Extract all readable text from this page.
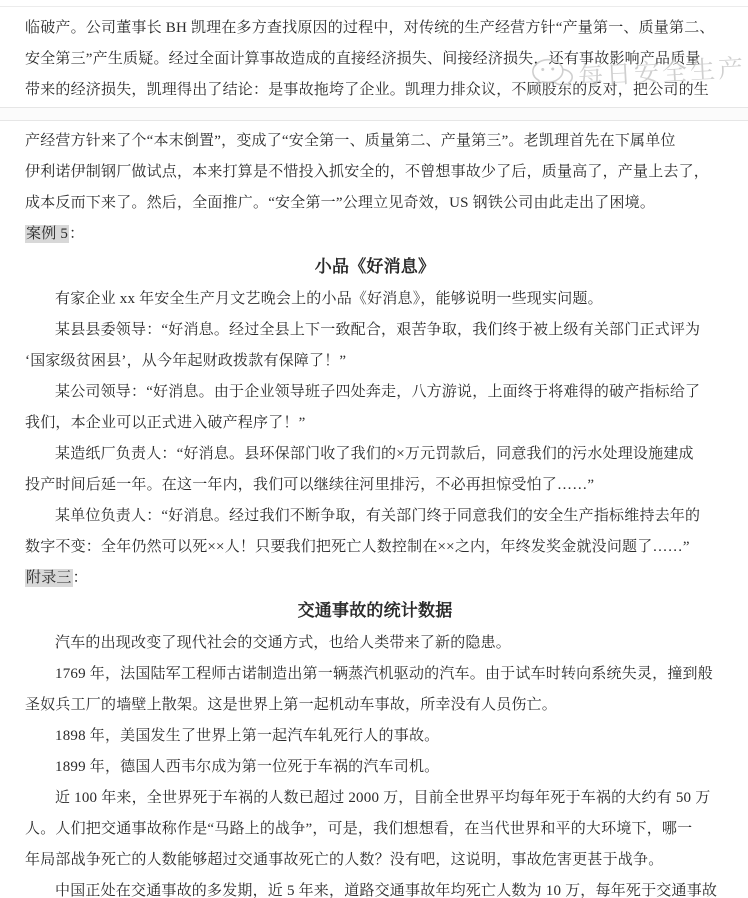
临破产。公司董事长 BH 凯理在多方查找原因的过程中，对传统的生产经营方针“产量第一、质量第二、
安全第三”产生质疑。经过全面计算事故造成的直接经济损失、间接经济损失，还有事故影响产品质量
带来的经济损失，凯理得出了结论：是事故拖垮了企业。凯理力排众议，不顾股东的反对，把公司的生
产经营方针来了个“本末倒置”，变成了“安全第一、质量第二、产量第三”。老凯理首先在下属单位
伊利诺伊制钢厂做试点，本来打算是不惜投入抓安全的，不曾想事故少了后，质量高了，产量上去了，
成本反而下来了。然后，全面推广。“安全第一”公理立见奇效，US 钢铁公司由此走出了困境。
案例 5：
小品《好消息》
有家企业 xx 年安全生产月文艺晚会上的小品《好消息》，能够说明一些现实问题。
某县县委领导：“好消息。经过全县上下一致配合，艰苦争取，我们终于被上级有关部门正式评为
‘国家级贫困县’，从今年起财政拨款有保障了！”
某公司领导：“好消息。由于企业领导班子四处奔走，八方游说，上面终于将难得的破产指标给了
我们，本企业可以正式进入破产程序了！”
某造纸厂负责人：“好消息。县环保部门收了我们的×万元罚款后，同意我们的污水处理设施建成
投产时间后延一年。在这一年内，我们可以继续往河里排污，不必再担惊受怕了……”
某单位负责人：“好消息。经过我们不断争取，有关部门终于同意我们的安全生产指标维持去年的
数字不变：全年仍然可以死××人！只要我们把死亡人数控制在××之内，年终发奖金就没问题了……”
附录三：
交通事故的统计数据
汽车的出现改变了现代社会的交通方式，也给人类带来了新的隐患。
1769 年，法国陆军工程师古诺制造出第一辆蒸汽机驱动的汽车。由于试车时转向系统失灵，撞到般
圣奴兵工厂的墙壁上散架。这是世界上第一起机动车事故，所幸没有人员伤亡。
1898 年，美国发生了世界上第一起汽车轧死行人的事故。
1899 年，德国人西韦尔成为第一位死于车祸的汽车司机。
近 100 年来，全世界死于车祸的人数已超过 2000 万，目前全世界平均每年死于车祸的大约有 50 万
人。人们把交通事故称作是“马路上的战争”，可是，我们想想看，在当代世界和平的大环境下，哪一
年局部战争死亡的人数能够超过交通事故死亡的人数？没有吧，这说明，事故危害更甚于战争。
中国正处在交通事故的多发期，近 5 年来，道路交通事故年均死亡人数为 10 万，每年死于交通事故
每日安全生产
